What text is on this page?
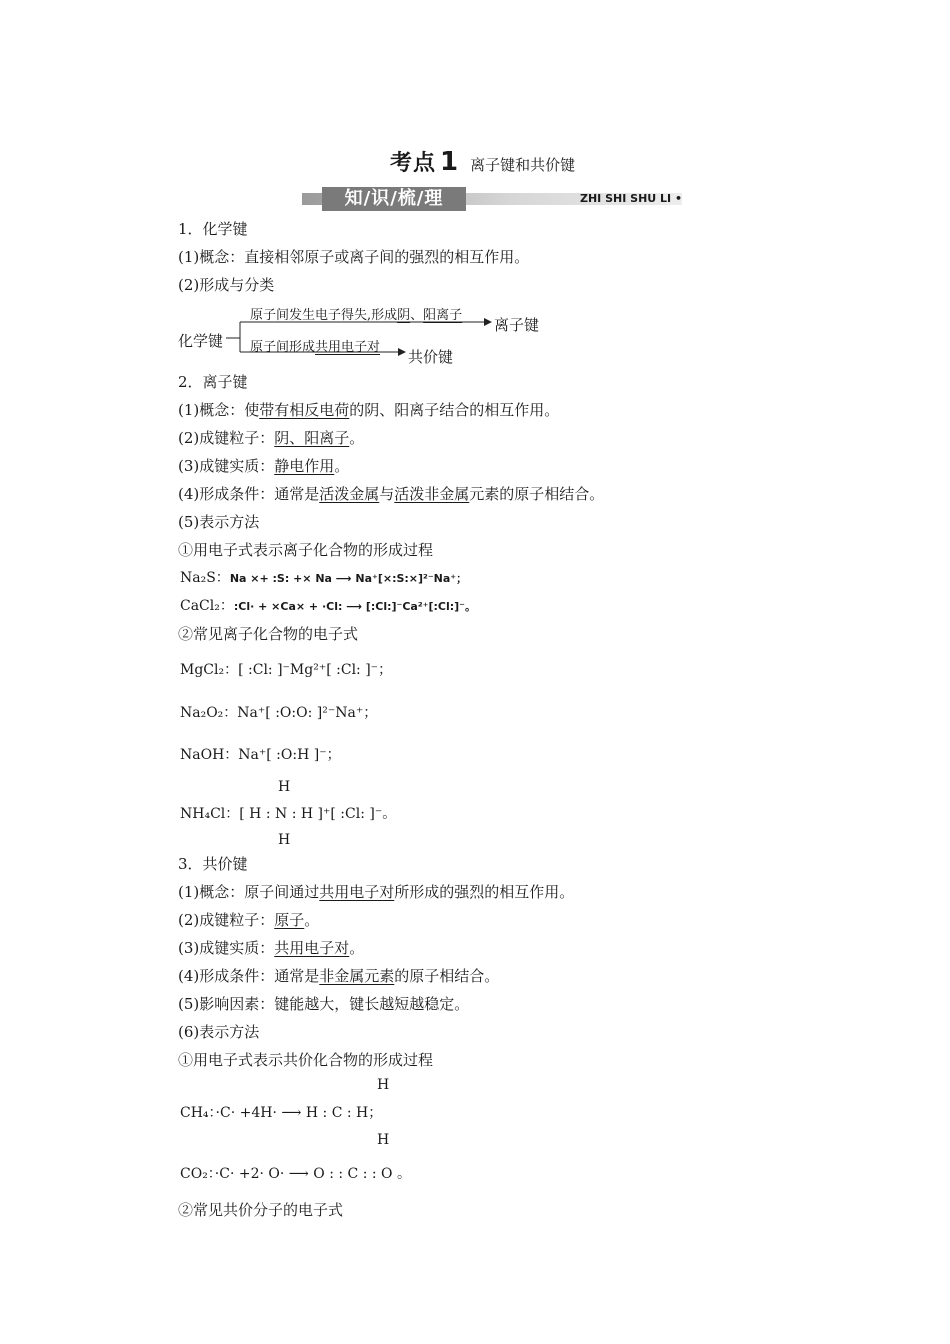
考点 1 离子键和共价键
知/识/梳/理	ZHI SHI SHU LI •
1．化学键
(1)概念：直接相邻原子或离子间的强烈的相互作用。
(2)形成与分类
化学键
原子间发生电子得失,形成阴、阳离子
离子键
原子间形成共用电子对
共价键
2．离子键
(1)概念：使带有相反电荷的阴、阳离子结合的相互作用。
(2)成键粒子：阴、阳离子。
(3)成键实质：静电作用。
(4)形成条件：通常是活泼金属与活泼非金属元素的原子相结合。
(5)表示方法
①用电子式表示离子化合物的形成过程
Na₂S：Na ×+ :S: +× Na ⟶ Na⁺[×:S:×]²⁻Na⁺；
CaCl₂：:Cl· + ×Ca× + ·Cl: ⟶ [:Cl:]⁻Ca²⁺[:Cl:]⁻。
②常见离子化合物的电子式
MgCl₂：[ :Cl: ]⁻Mg²⁺[ :Cl: ]⁻；
Na₂O₂：Na⁺[ :O:O: ]²⁻Na⁺；
NaOH：Na⁺[ :O:H ]⁻；
H
NH₄Cl：[ H : N : H ]⁺[ :Cl: ]⁻。
H
3．共价键
(1)概念：原子间通过共用电子对所形成的强烈的相互作用。
(2)成键粒子：原子。
(3)成键实质：共用电子对。
(4)形成条件：通常是非金属元素的原子相结合。
(5)影响因素：键能越大，键长越短越稳定。
(6)表示方法
①用电子式表示共价化合物的形成过程
H
CH₄：·C· +4H· ⟶ H : C : H；
H
CO₂：·C· +2· O· ⟶ O : : C : : O 。
②常见共价分子的电子式
